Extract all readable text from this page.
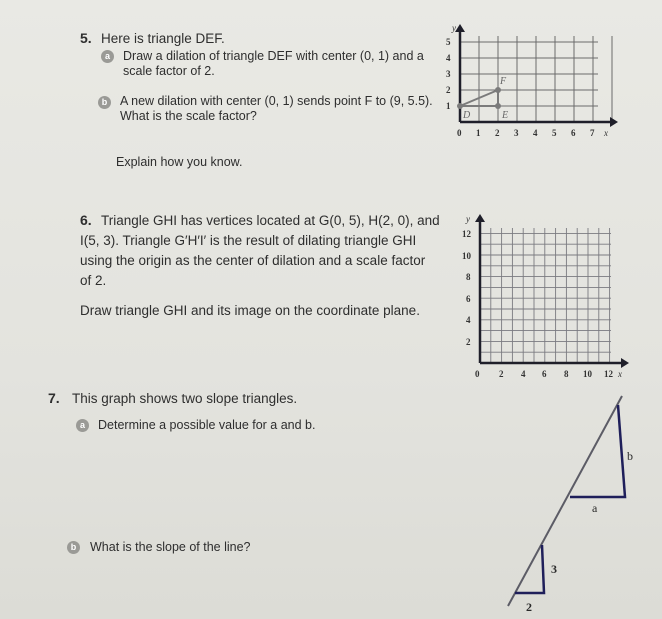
5. Here is triangle DEF.
a	Draw a dilation of triangle DEF with center (0, 1) and a
scale factor of 2.
b	A new dilation with center (0, 1) sends point F to (9, 5.5).
What is the scale factor?
Explain how you know.
D	E
F
1
2
3
4
5
y
0 1 2 3 4 5 6 7 x
6. Triangle GHI has vertices located at G(0, 5), H(2, 0), and
I(5, 3). Triangle G′H′I′ is the result of dilating triangle GHI
using the origin as the center of dilation and a scale factor
of 2.
Draw triangle GHI and its image on the coordinate plane.
y
12
10
8
6
4
2
0 2 4 6 8 10 12 x
7. This graph shows two slope triangles.
a	Determine a possible value for a and b.
b	What is the slope of the line?
b
a
3
2
